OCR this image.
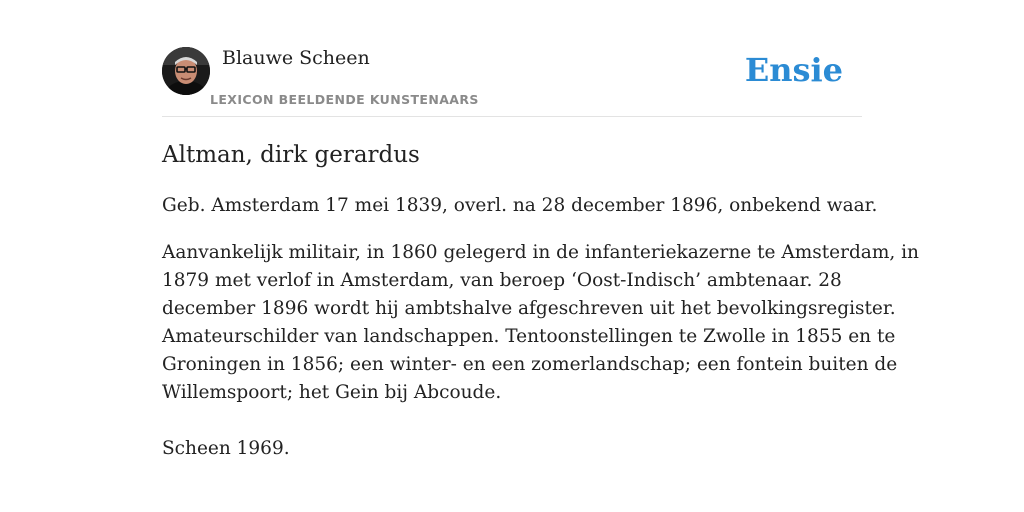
Blauwe Scheen
LEXICON BEELDENDE KUNSTENAARS
Ensie
Altman, dirk gerardus

Geb. Amsterdam 17 mei 1839, overl. na 28 december 1896, onbekend waar.

Aanvankelijk militair, in 1860 gelegerd in de infanteriekazerne te Amsterdam, in
1879 met verlof in Amsterdam, van beroep ‘Oost-Indisch’ ambtenaar. 28
december 1896 wordt hij ambtshalve afgeschreven uit het bevolkingsregister.
Amateurschilder van landschappen. Tentoonstellingen te Zwolle in 1855 en te
Groningen in 1856; een winter- en een zomerlandschap; een fontein buiten de
Willemspoort; het Gein bij Abcoude.

Scheen 1969.
